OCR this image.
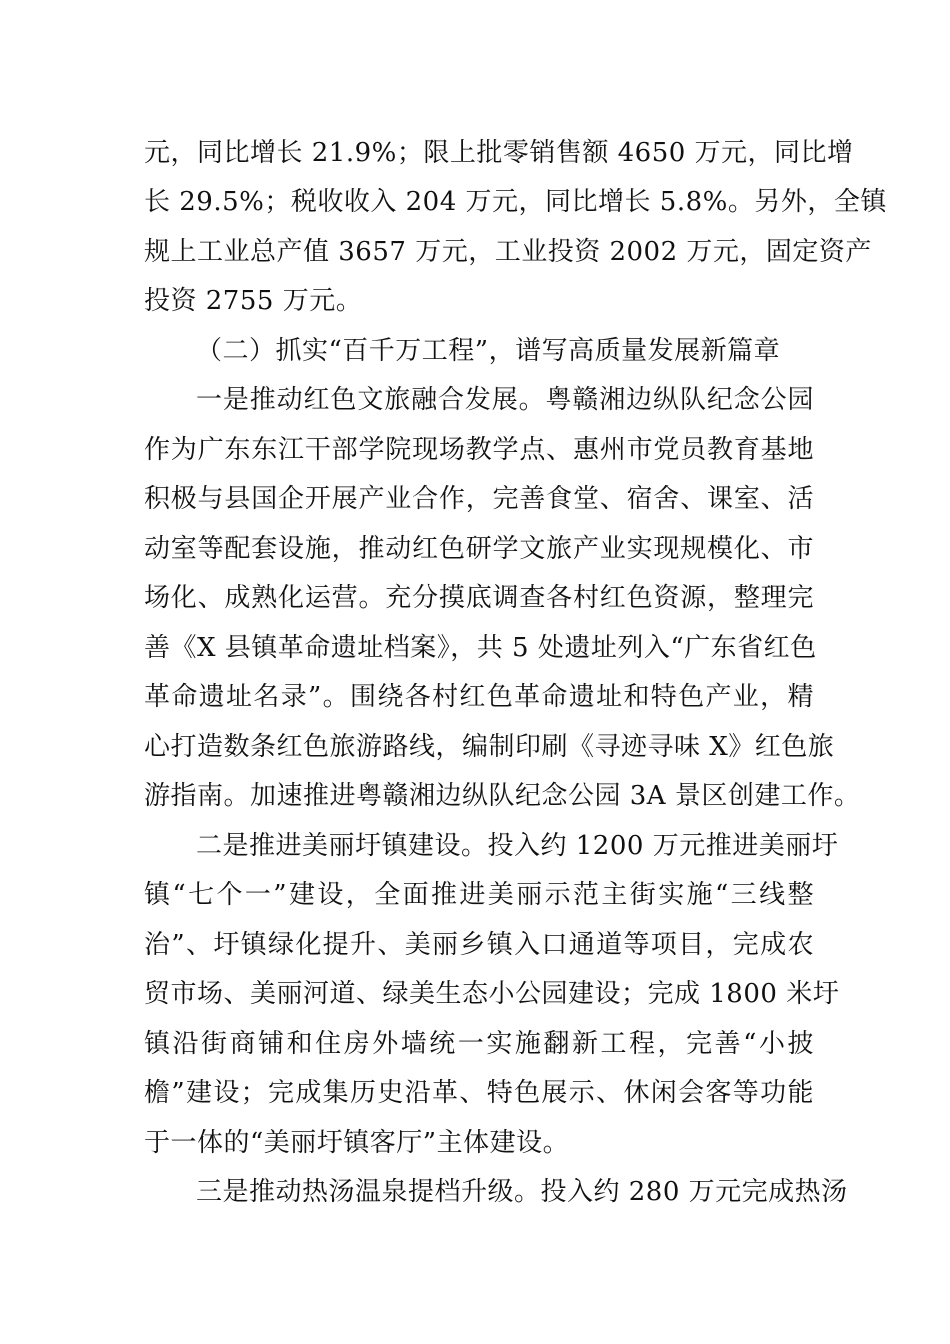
元，同比增长 21.9%；限上批零销售额 4650 万元，同比增
长 29.5%；税收收入 204 万元，同比增长 5.8%。另外，全镇
规上工业总产值 3657 万元，工业投资 2002 万元，固定资产
投资 2755 万元。
（二）抓实“百千万工程”，谱写高质量发展新篇章
一是推动红色文旅融合发展。粤赣湘边纵队纪念公园
作为广东东江干部学院现场教学点、惠州市党员教育基地
积极与县国企开展产业合作，完善食堂、宿舍、课室、活
动室等配套设施，推动红色研学文旅产业实现规模化、市
场化、成熟化运营。充分摸底调查各村红色资源，整理完
善《X 县镇革命遗址档案》，共 5 处遗址列入“广东省红色
革命遗址名录”。围绕各村红色革命遗址和特色产业，精
心打造数条红色旅游路线，编制印刷《寻迹寻味 X》红色旅
游指南。加速推进粤赣湘边纵队纪念公园 3A 景区创建工作。
二是推进美丽圩镇建设。投入约 1200 万元推进美丽圩
镇“七个一”建设，全面推进美丽示范主街实施“三线整
治”、圩镇绿化提升、美丽乡镇入口通道等项目，完成农
贸市场、美丽河道、绿美生态小公园建设；完成 1800 米圩
镇沿街商铺和住房外墙统一实施翻新工程，完善“小披
檐”建设；完成集历史沿革、特色展示、休闲会客等功能
于一体的“美丽圩镇客厅”主体建设。
三是推动热汤温泉提档升级。投入约 280 万元完成热汤
